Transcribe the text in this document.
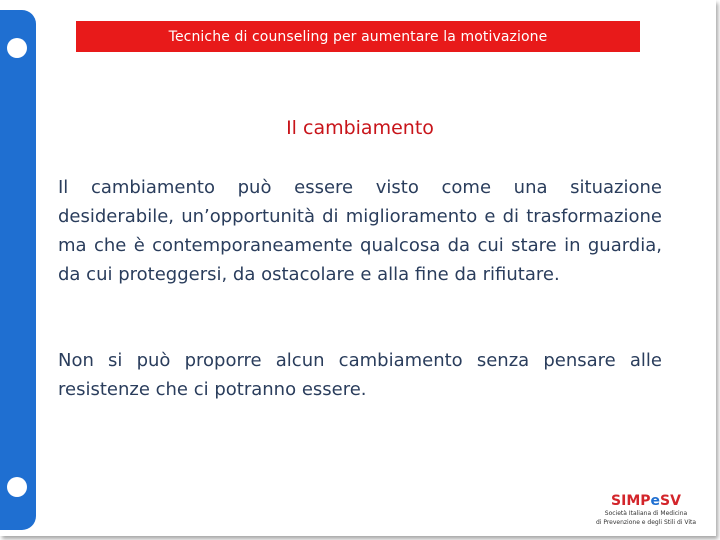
Tecniche di counseling per aumentare la motivazione
Il cambiamento

Il cambiamento può essere visto come una situazione desiderabile, un’opportunità di miglioramento e di trasformazione ma che è contemporaneamente qualcosa da cui stare in guardia, da cui proteggersi, da ostacolare e alla fine da rifiutare.

Non si può proporre alcun cambiamento senza pensare alle resistenze che ci potranno essere.

SIMPeSV
Società Italiana di Medicina
di Prevenzione e degli Stili di Vita
